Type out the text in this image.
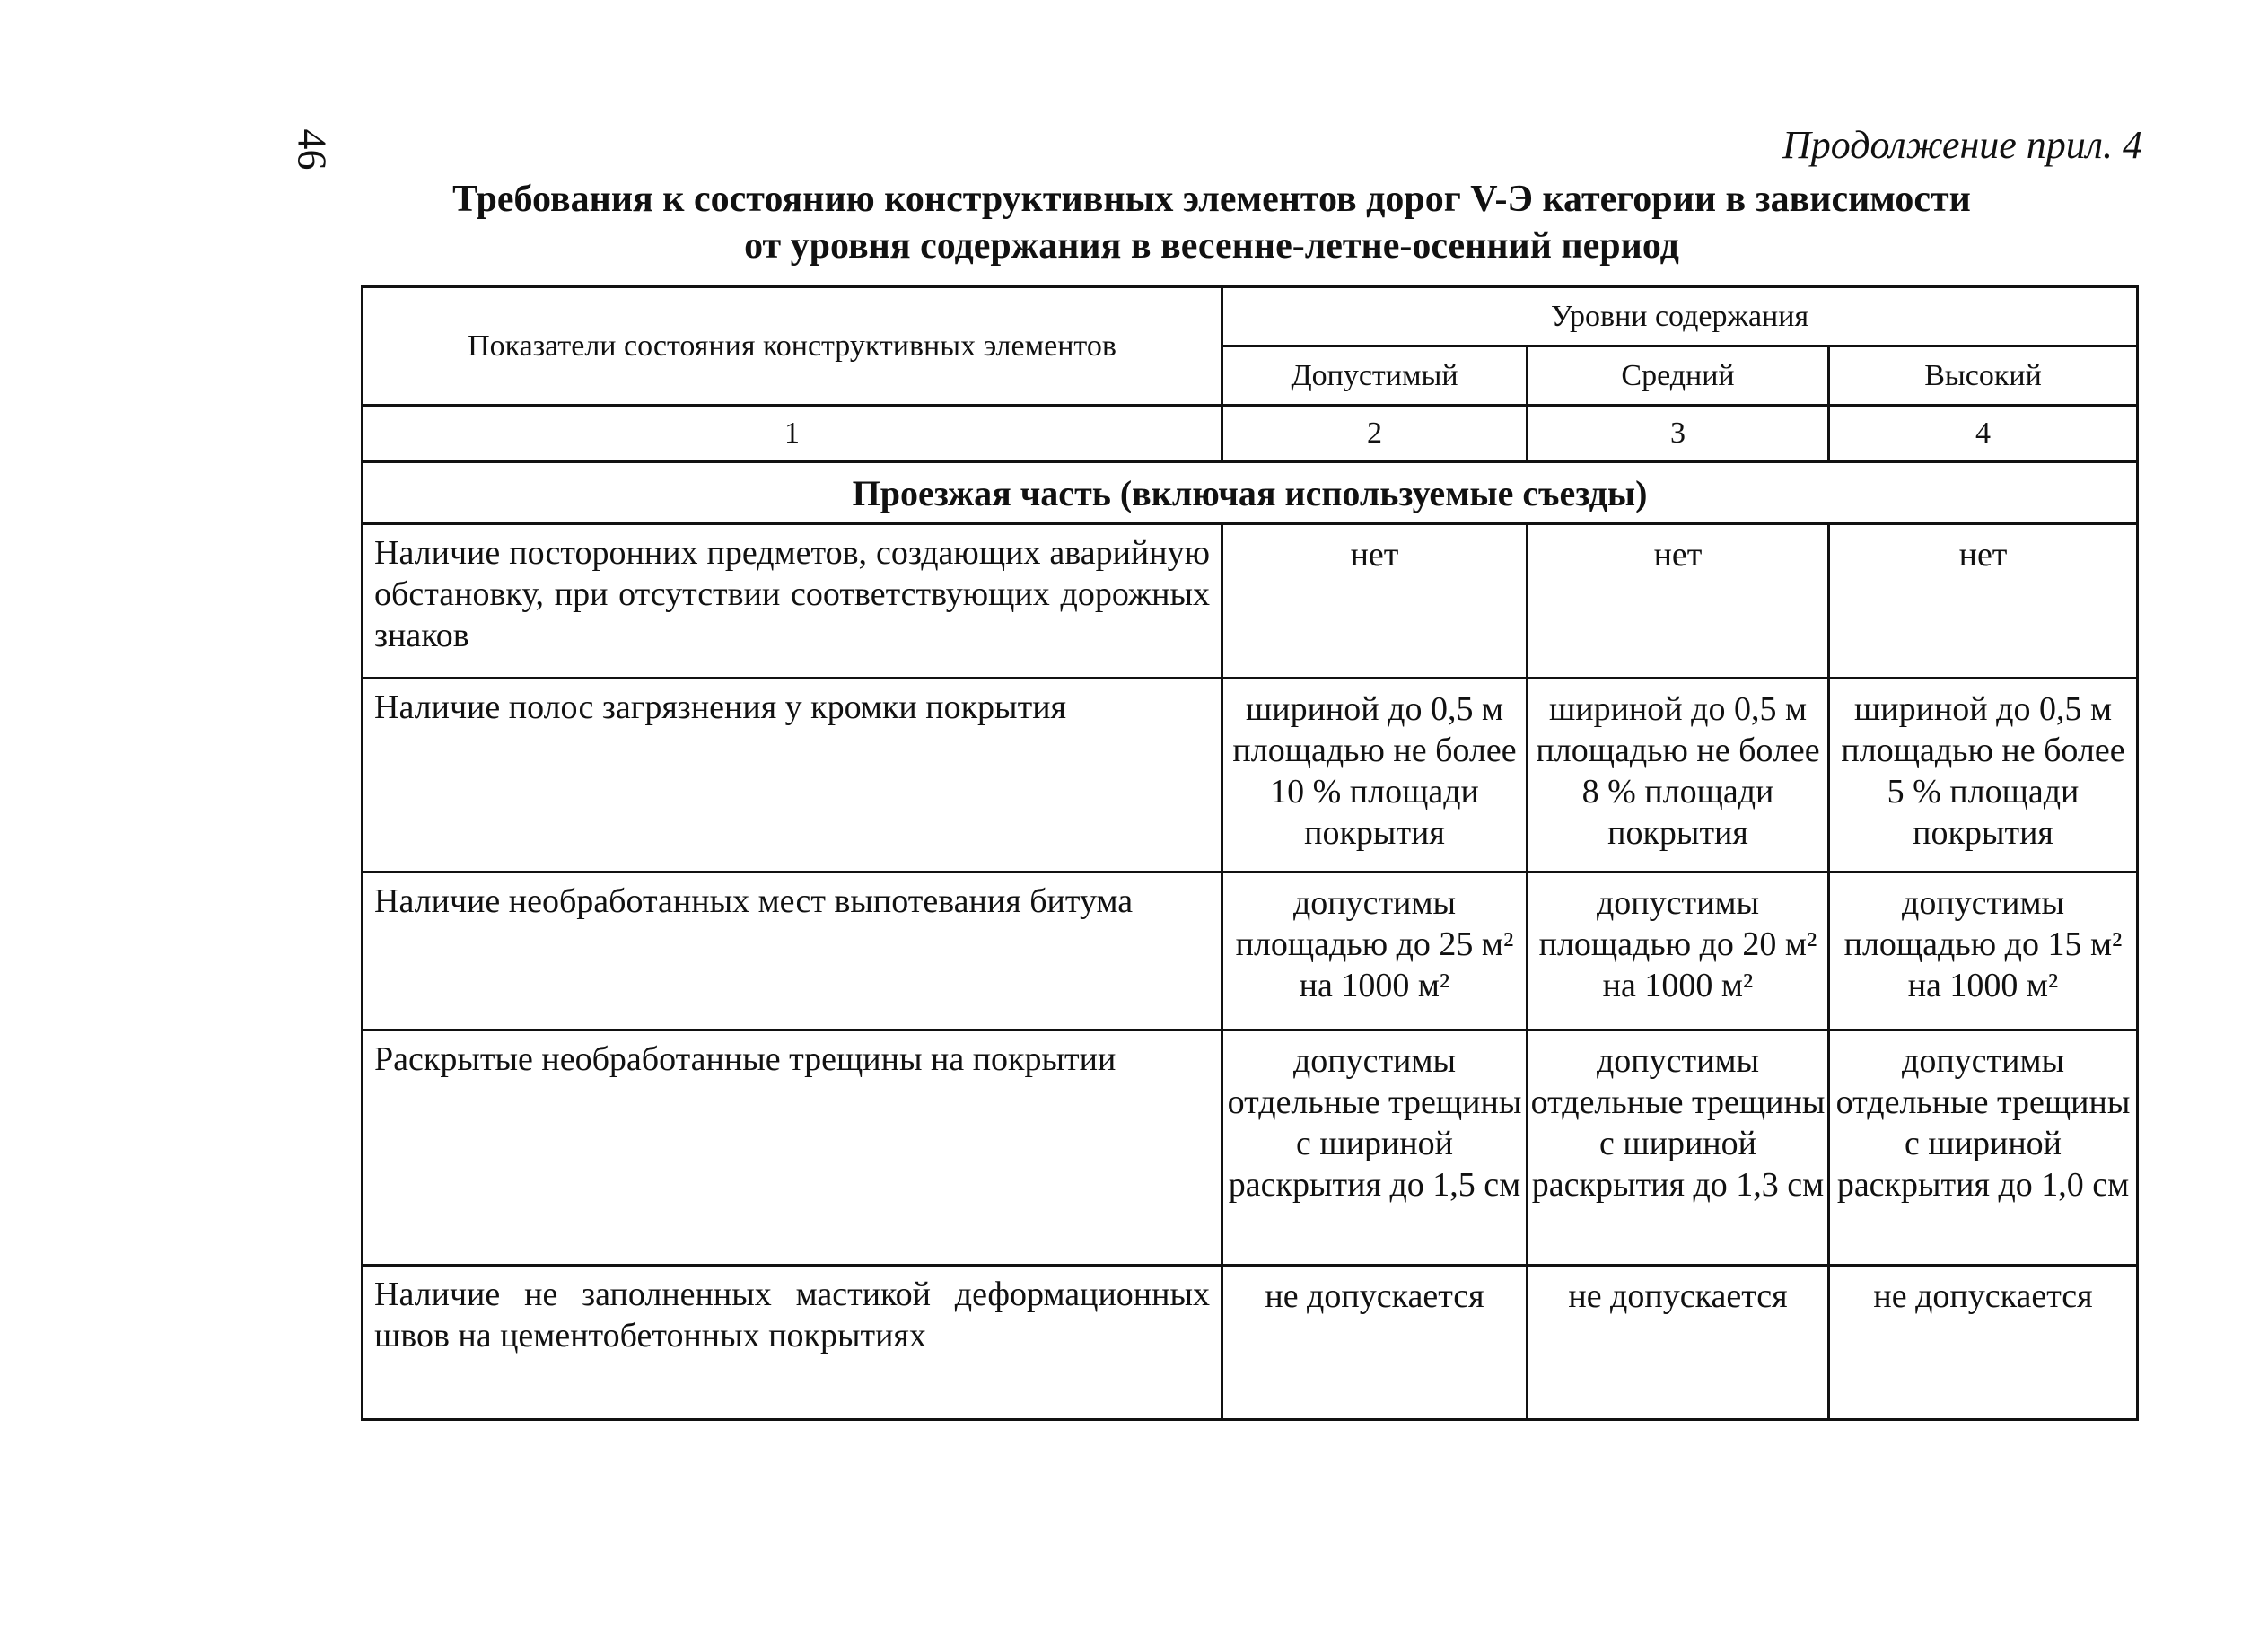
46	Продолжение прил. 4
Требования к состоянию конструктивных элементов дорог V-Э категории в зависимости
от уровня содержания в весенне-летне-осенний период
Показатели состояния конструктивных элементов	Уровни содержания		
	Допустимый	Средний	Высокий
1	2	3	4
Проезжая часть (включая используемые съезды)			
Наличие посторонних предметов, создающих аварийную обстановку, при отсутствии соответствующих дорожных знаков	нет	нет	нет
Наличие полос загрязнения у кромки покрытия	шириной до 0,5 м площадью не более 10 % площади покрытия	шириной до 0,5 м площадью не более 8 % площади покрытия	шириной до 0,5 м площадью не более 5 % площади покрытия
Наличие необработанных мест выпотевания битума	допустимы площадью до 25 м² на 1000 м²	допустимы площадью до 20 м² на 1000 м²	допустимы площадью до 15 м² на 1000 м²
Раскрытые необработанные трещины на покрытии	допустимы отдельные трещины с шириной раскрытия до 1,5 см	допустимы отдельные трещины с шириной раскрытия до 1,3 см	допустимы отдельные трещины с шириной раскрытия до 1,0 см
Наличие не заполненных мастикой деформационных швов на цементобетонных покрытиях	не допускается	не допускается	не допускается
